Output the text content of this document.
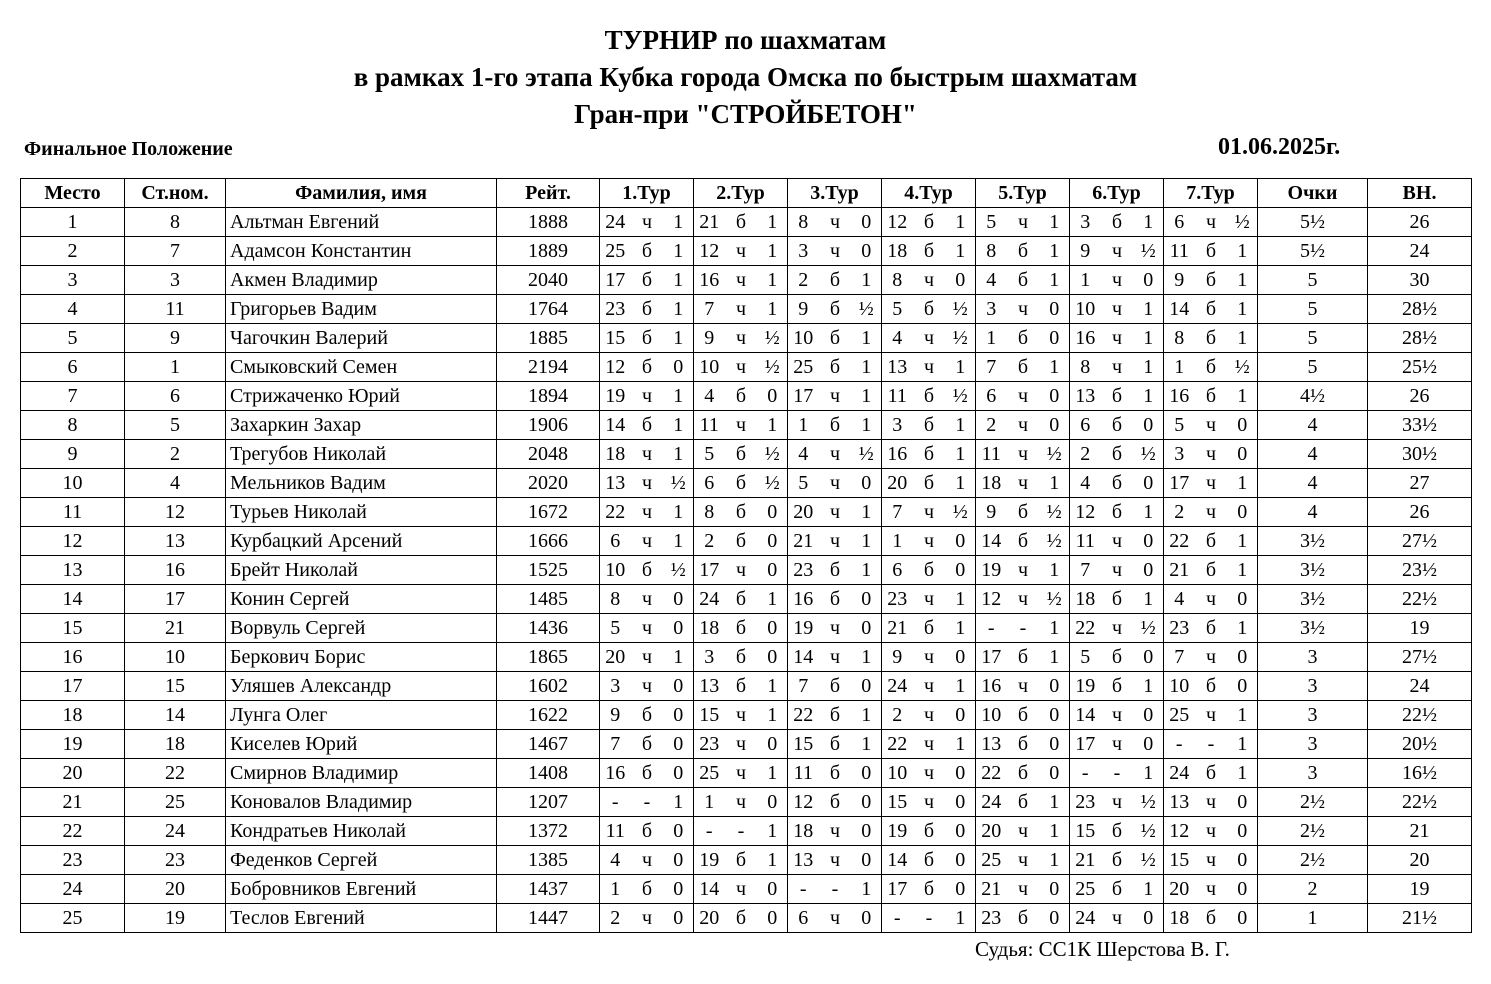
ТУРНИР по шахматам
в рамках 1-го этапа Кубка города Омска по быстрым шахматам
Гран-при "СТРОЙБЕТОН"
Финальное Положение	01.06.2025г.
Место	Ст.ном.	Фамилия, имя	Рейт.	1.Тур			2.Тур			3.Тур			4.Тур			5.Тур			6.Тур			7.Тур			Очки	ВН.
1	8	Альтман Евгений	1888	24	ч	1	21	б	1	8	ч	0	12	б	1	5	ч	1	3	б	1	6	ч	½	5½	26
2	7	Адамсон Константин	1889	25	б	1	12	ч	1	3	ч	0	18	б	1	8	б	1	9	ч	½	11	б	1	5½	24
3	3	Акмен Владимир	2040	17	б	1	16	ч	1	2	б	1	8	ч	0	4	б	1	1	ч	0	9	б	1	5	30
4	11	Григорьев Вадим	1764	23	б	1	7	ч	1	9	б	½	5	б	½	3	ч	0	10	ч	1	14	б	1	5	28½
5	9	Чагочкин Валерий	1885	15	б	1	9	ч	½	10	б	1	4	ч	½	1	б	0	16	ч	1	8	б	1	5	28½
6	1	Смыковский Семен	2194	12	б	0	10	ч	½	25	б	1	13	ч	1	7	б	1	8	ч	1	1	б	½	5	25½
7	6	Стрижаченко Юрий	1894	19	ч	1	4	б	0	17	ч	1	11	б	½	6	ч	0	13	б	1	16	б	1	4½	26
8	5	Захаркин Захар	1906	14	б	1	11	ч	1	1	б	1	3	б	1	2	ч	0	6	б	0	5	ч	0	4	33½
9	2	Трегубов Николай	2048	18	ч	1	5	б	½	4	ч	½	16	б	1	11	ч	½	2	б	½	3	ч	0	4	30½
10	4	Мельников Вадим	2020	13	ч	½	6	б	½	5	ч	0	20	б	1	18	ч	1	4	б	0	17	ч	1	4	27
11	12	Турьев Николай	1672	22	ч	1	8	б	0	20	ч	1	7	ч	½	9	б	½	12	б	1	2	ч	0	4	26
12	13	Курбацкий Арсений	1666	6	ч	1	2	б	0	21	ч	1	1	ч	0	14	б	½	11	ч	0	22	б	1	3½	27½
13	16	Брейт Николай	1525	10	б	½	17	ч	0	23	б	1	6	б	0	19	ч	1	7	ч	0	21	б	1	3½	23½
14	17	Конин Сергей	1485	8	ч	0	24	б	1	16	б	0	23	ч	1	12	ч	½	18	б	1	4	ч	0	3½	22½
15	21	Ворвуль Сергей	1436	5	ч	0	18	б	0	19	ч	0	21	б	1	-	-	1	22	ч	½	23	б	1	3½	19
16	10	Беркович Борис	1865	20	ч	1	3	б	0	14	ч	1	9	ч	0	17	б	1	5	б	0	7	ч	0	3	27½
17	15	Уляшев Александр	1602	3	ч	0	13	б	1	7	б	0	24	ч	1	16	ч	0	19	б	1	10	б	0	3	24
18	14	Лунга Олег	1622	9	б	0	15	ч	1	22	б	1	2	ч	0	10	б	0	14	ч	0	25	ч	1	3	22½
19	18	Киселев Юрий	1467	7	б	0	23	ч	0	15	б	1	22	ч	1	13	б	0	17	ч	0	-	-	1	3	20½
20	22	Смирнов Владимир	1408	16	б	0	25	ч	1	11	б	0	10	ч	0	22	б	0	-	-	1	24	б	1	3	16½
21	25	Коновалов Владимир	1207	-	-	1	1	ч	0	12	б	0	15	ч	0	24	б	1	23	ч	½	13	ч	0	2½	22½
22	24	Кондратьев Николай	1372	11	б	0	-	-	1	18	ч	0	19	б	0	20	ч	1	15	б	½	12	ч	0	2½	21
23	23	Феденков Сергей	1385	4	ч	0	19	б	1	13	ч	0	14	б	0	25	ч	1	21	б	½	15	ч	0	2½	20
24	20	Бобровников Евгений	1437	1	б	0	14	ч	0	-	-	1	17	б	0	21	ч	0	25	б	1	20	ч	0	2	19
25	19	Теслов Евгений	1447	2	ч	0	20	б	0	6	ч	0	-	-	1	23	б	0	24	ч	0	18	б	0	1	21½
Судья: СС1К Шерстова В. Г.
